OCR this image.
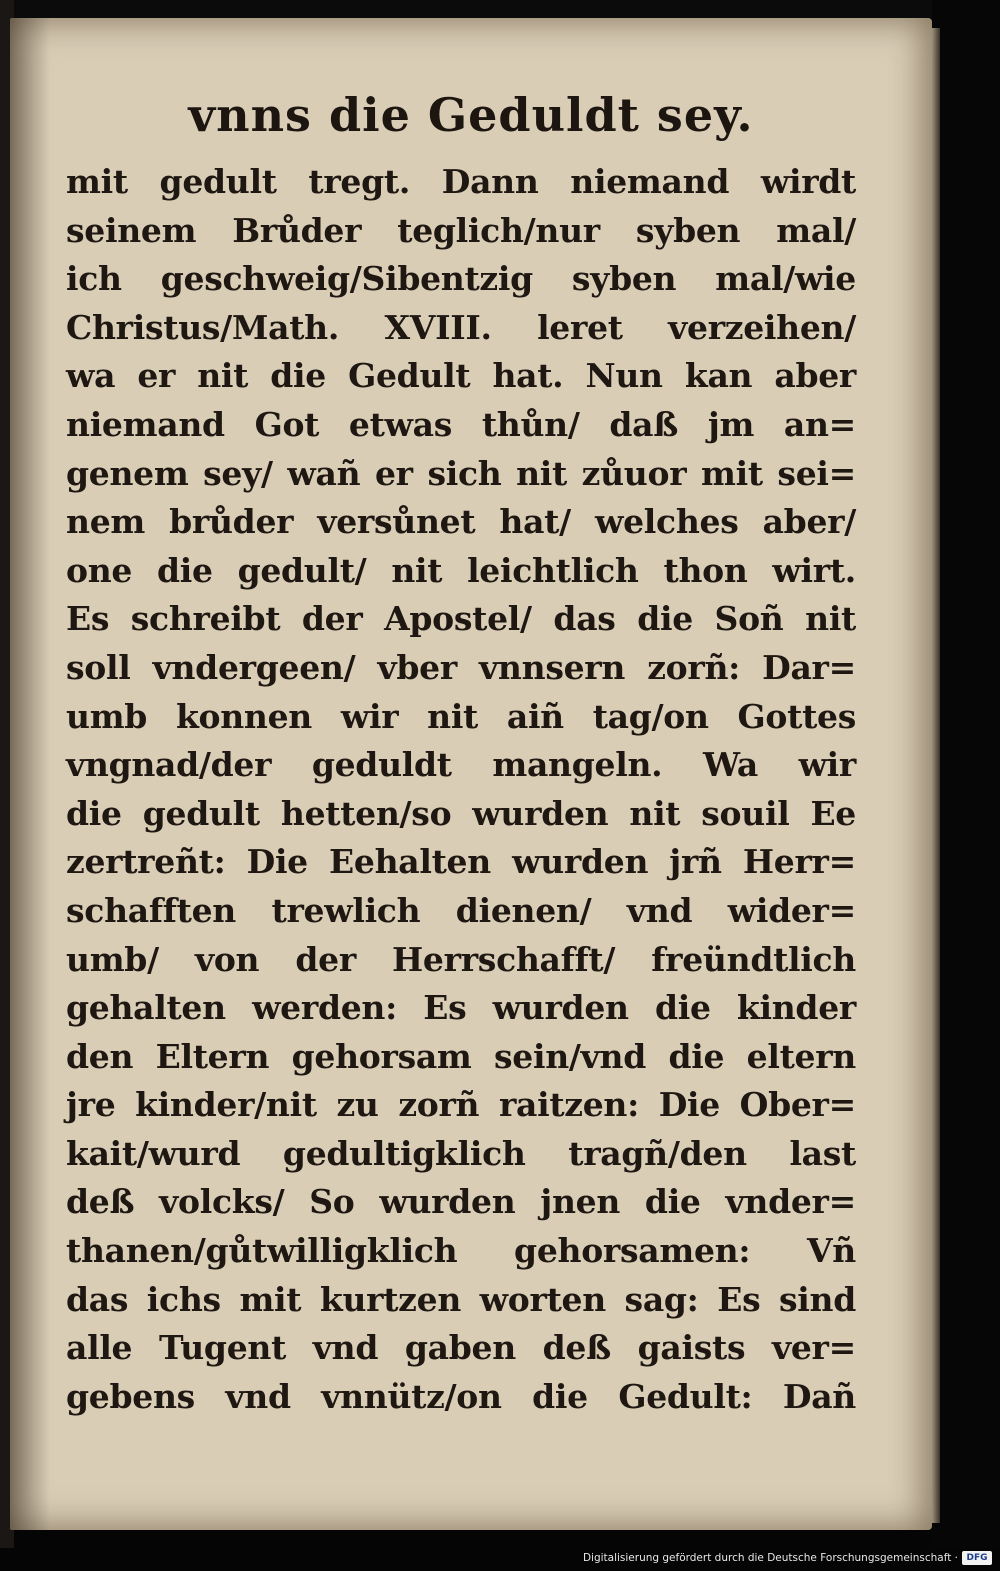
vnns die Geduldt sey.
mit gedult tregt. Dann niemand wirdt
seinem Brůder teglich/nur syben mal/
ich geschweig/Sibentzig syben mal/wie
Christus/Math. XVIII. leret verzeihen/
wa er nit die Gedult hat. Nun kan aber
niemand Got etwas thůn/ daß jm an=
genem sey/ wañ er sich nit zůuor mit sei=
nem brůder versůnet hat/ welches aber/
one die gedult/ nit leichtlich thon wirt.
Es schreibt der Apostel/ das die Soñ nit
soll vndergeen/ vber vnnsern zorñ: Dar=
umb konnen wir nit aiñ tag/on Gottes
vngnad/der geduldt mangeln. Wa wir
die gedult hetten/so wurden nit souil Ee
zertreñt: Die Eehalten wurden jrñ Herr=
schafften trewlich dienen/ vnd wider=
umb/ von der Herrschafft/ freündtlich
gehalten werden: Es wurden die kinder
den Eltern gehorsam sein/vnd die eltern
jre kinder/nit zu zorñ raitzen: Die Ober=
kait/wurd gedultigklich tragñ/den last
deß volcks/ So wurden jnen die vnder=
thanen/gůtwilligklich gehorsamen: Vñ
das ichs mit kurtzen worten sag: Es sind
alle Tugent vnd gaben deß gaists ver=
gebens vnd vnnütz/on die Gedult: Dañ
Digitalisierung gefördert durch die Deutsche Forschungsgemeinschaft · DFG
